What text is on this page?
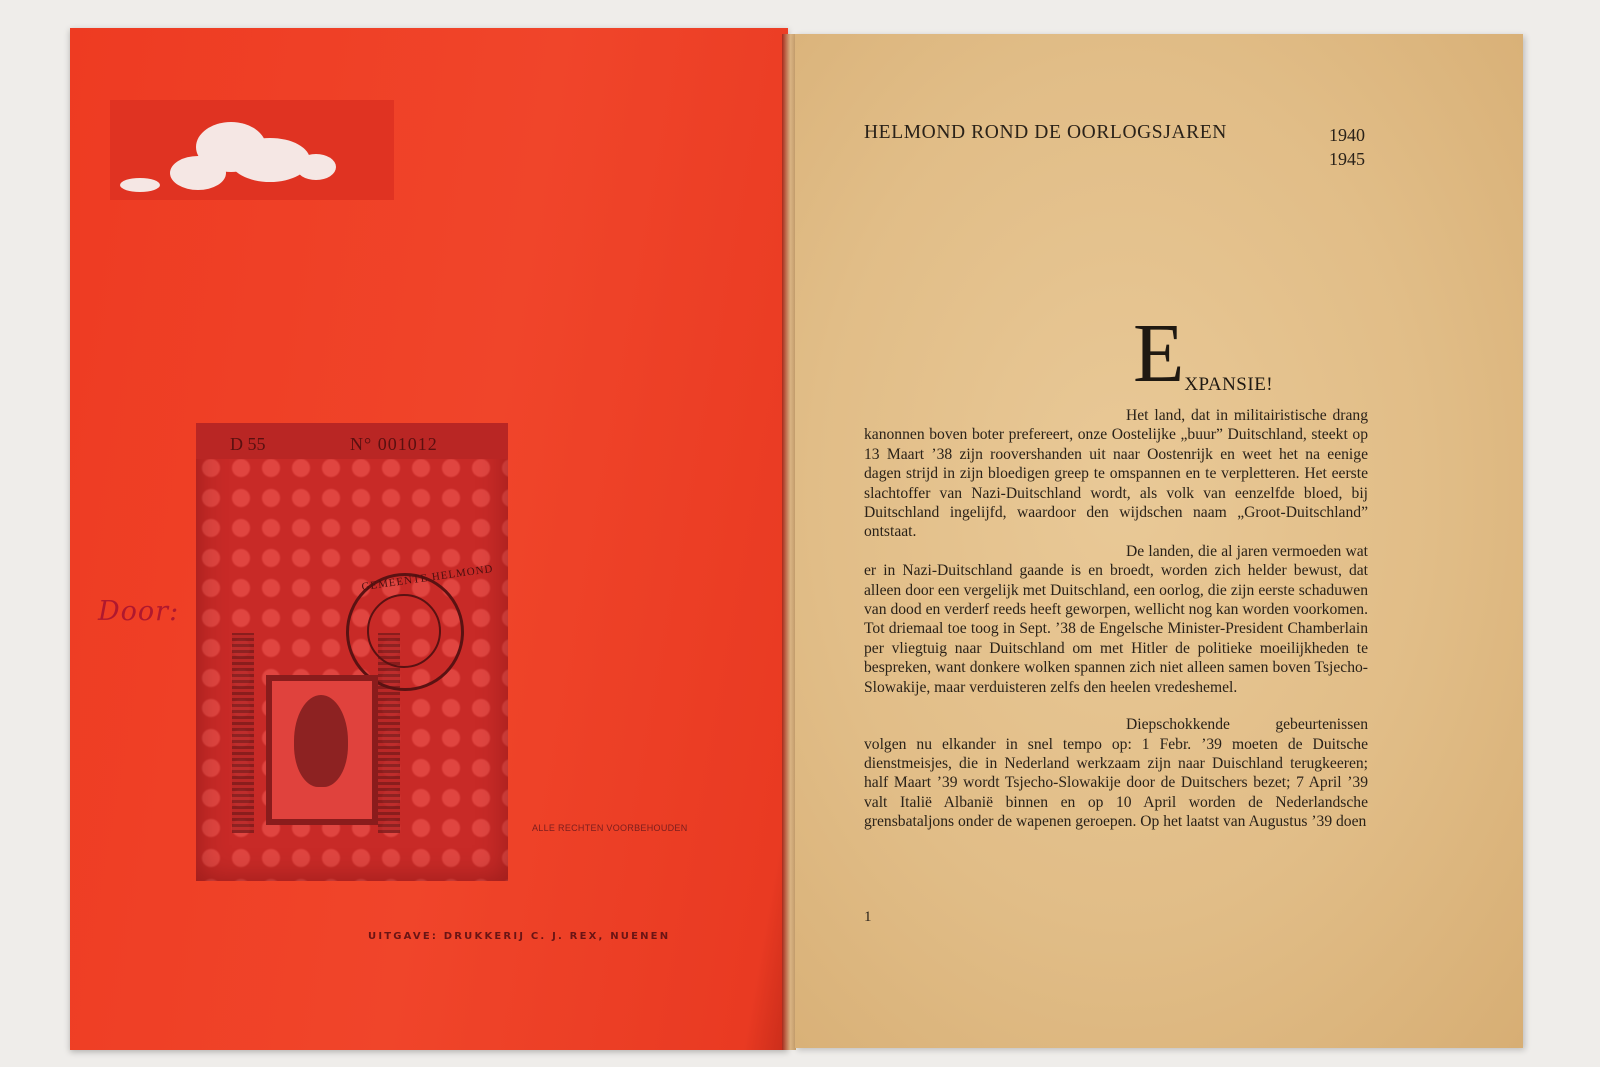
Door:
D 55	N° 001012
GEMEENTE HELMOND
ALLE RECHTEN VOORBEHOUDEN
UITGAVE: DRUKKERIJ C. J. REX, NUENEN
HELMOND ROND DE OORLOGSJAREN	1940
1945
EXPANSIE!

Het land, dat in militairistische drang kanonnen boven boter prefereert, onze Oostelijke „buur” Duitschland, steekt op 13 Maart ’38 zijn roovershanden uit naar Oostenrijk en weet het na eenige dagen strijd in zijn bloedigen greep te omspannen en te verpletteren. Het eerste slachtoffer van Nazi-Duitschland wordt, als volk van eenzelfde bloed, bij Duitschland ingelijfd, waardoor den wijdschen naam „Groot-Duitschland” ontstaat.

De landen, die al jaren vermoeden wat er in Nazi-Duitschland gaande is en broedt, worden zich helder bewust, dat alleen door een vergelijk met Duitschland, een oorlog, die zijn eerste schaduwen van dood en verderf reeds heeft geworpen, wellicht nog kan worden voorkomen. Tot driemaal toe toog in Sept. ’38 de Engelsche Minister-President Chamberlain per vliegtuig naar Duitschland om met Hitler de politieke moeilijkheden te bespreken, want donkere wolken spannen zich niet alleen samen boven Tsjecho-Slowakije, maar verduisteren zelfs den heelen vredeshemel.

Diepschokkende gebeurtenissen volgen nu elkander in snel tempo op: 1 Febr. ’39 moeten de Duitsche dienstmeisjes, die in Nederland werkzaam zijn naar Duischland terugkeeren; half Maart ’39 wordt Tsjecho-Slowakije door de Duitschers bezet; 7 April ’39 valt Italië Albanië binnen en op 10 April worden de Nederlandsche grensbataljons onder de wapenen geroepen. Op het laatst van Augustus ’39 doen

1
